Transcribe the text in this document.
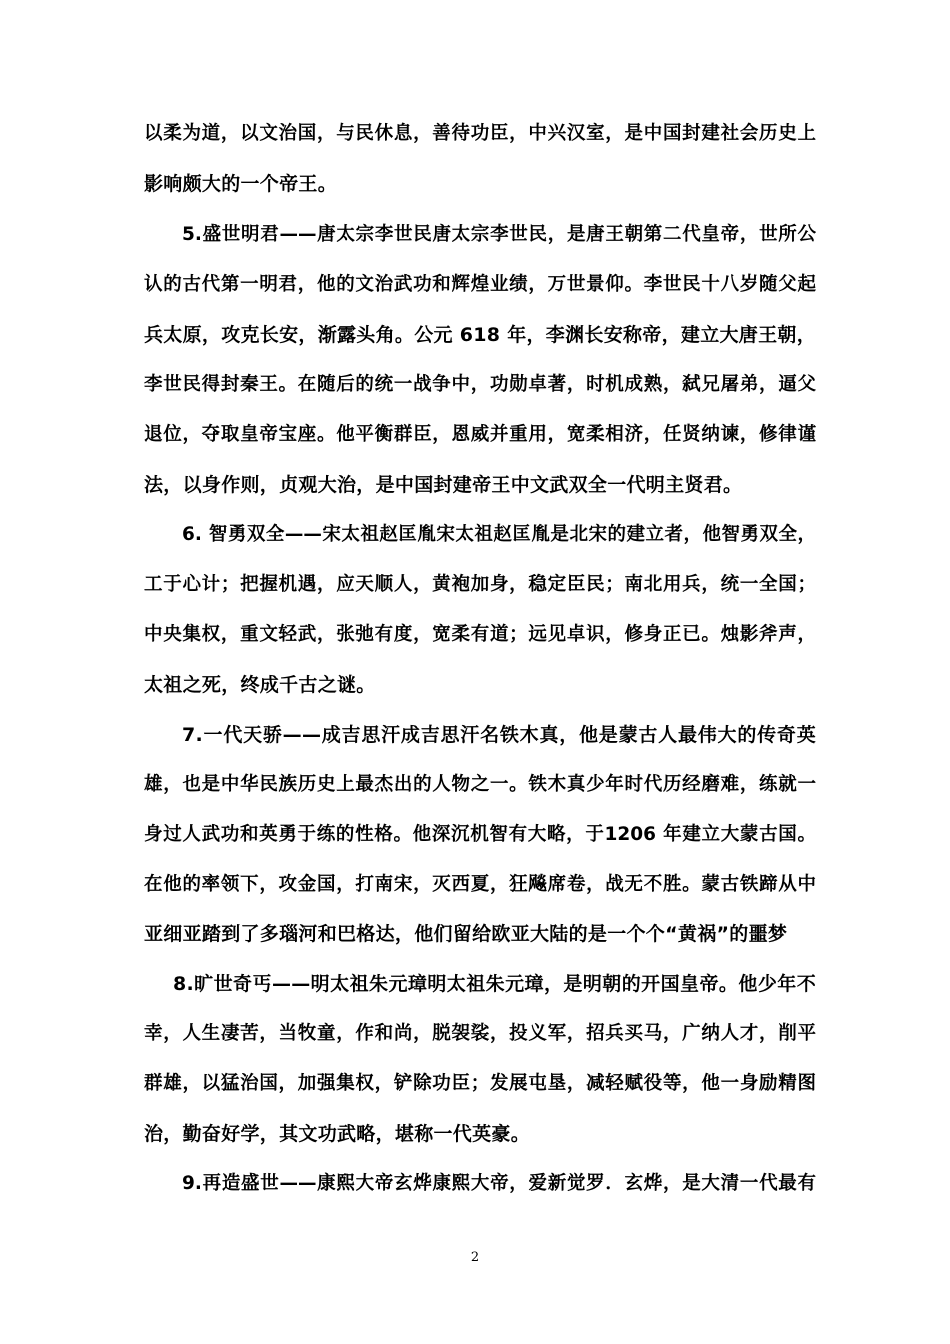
以柔为道，以文治国，与民休息，善待功臣，中兴汉室，是中国封建社会历史上
影响颇大的一个帝王。
5.盛世明君——唐太宗李世民唐太宗李世民，是唐王朝第二代皇帝，世所公
认的古代第一明君，他的文治武功和辉煌业绩，万世景仰。李世民十八岁随父起
兵太原，攻克长安，渐露头角。公元 618 年，李渊长安称帝，建立大唐王朝，
李世民得封秦王。在随后的统一战争中，功勋卓著，时机成熟，弑兄屠弟，逼父
退位，夺取皇帝宝座。他平衡群臣，恩威并重用，宽柔相济，任贤纳谏，修律谨
法，以身作则，贞观大治，是中国封建帝王中文武双全一代明主贤君。
6. 智勇双全——宋太祖赵匡胤宋太祖赵匡胤是北宋的建立者，他智勇双全，
工于心计；把握机遇，应天顺人，黄袍加身，稳定臣民；南北用兵，统一全国；
中央集权，重文轻武，张弛有度，宽柔有道；远见卓识，修身正已。烛影斧声，
太祖之死，终成千古之谜。
7.一代天骄——成吉思汗成吉思汗名铁木真，他是蒙古人最伟大的传奇英
雄，也是中华民族历史上最杰出的人物之一。铁木真少年时代历经磨难，练就一
身过人武功和英勇于练的性格。他深沉机智有大略，于1206 年建立大蒙古国。
在他的率领下，攻金国，打南宋，灭西夏，狂飚席卷，战无不胜。蒙古铁蹄从中
亚细亚踏到了多瑙河和巴格达，他们留给欧亚大陆的是一个个“黄祸”的噩梦
8.旷世奇丐——明太祖朱元璋明太祖朱元璋，是明朝的开国皇帝。他少年不
幸，人生凄苦，当牧童，作和尚，脱袈裟，投义军，招兵买马，广纳人才，削平
群雄，以猛治国，加强集权，铲除功臣；发展屯垦，减轻赋役等，他一身励精图
治，勤奋好学，其文功武略，堪称一代英豪。
9.再造盛世——康熙大帝玄烨康熙大帝，爱新觉罗．玄烨，是大清一代最有
2
